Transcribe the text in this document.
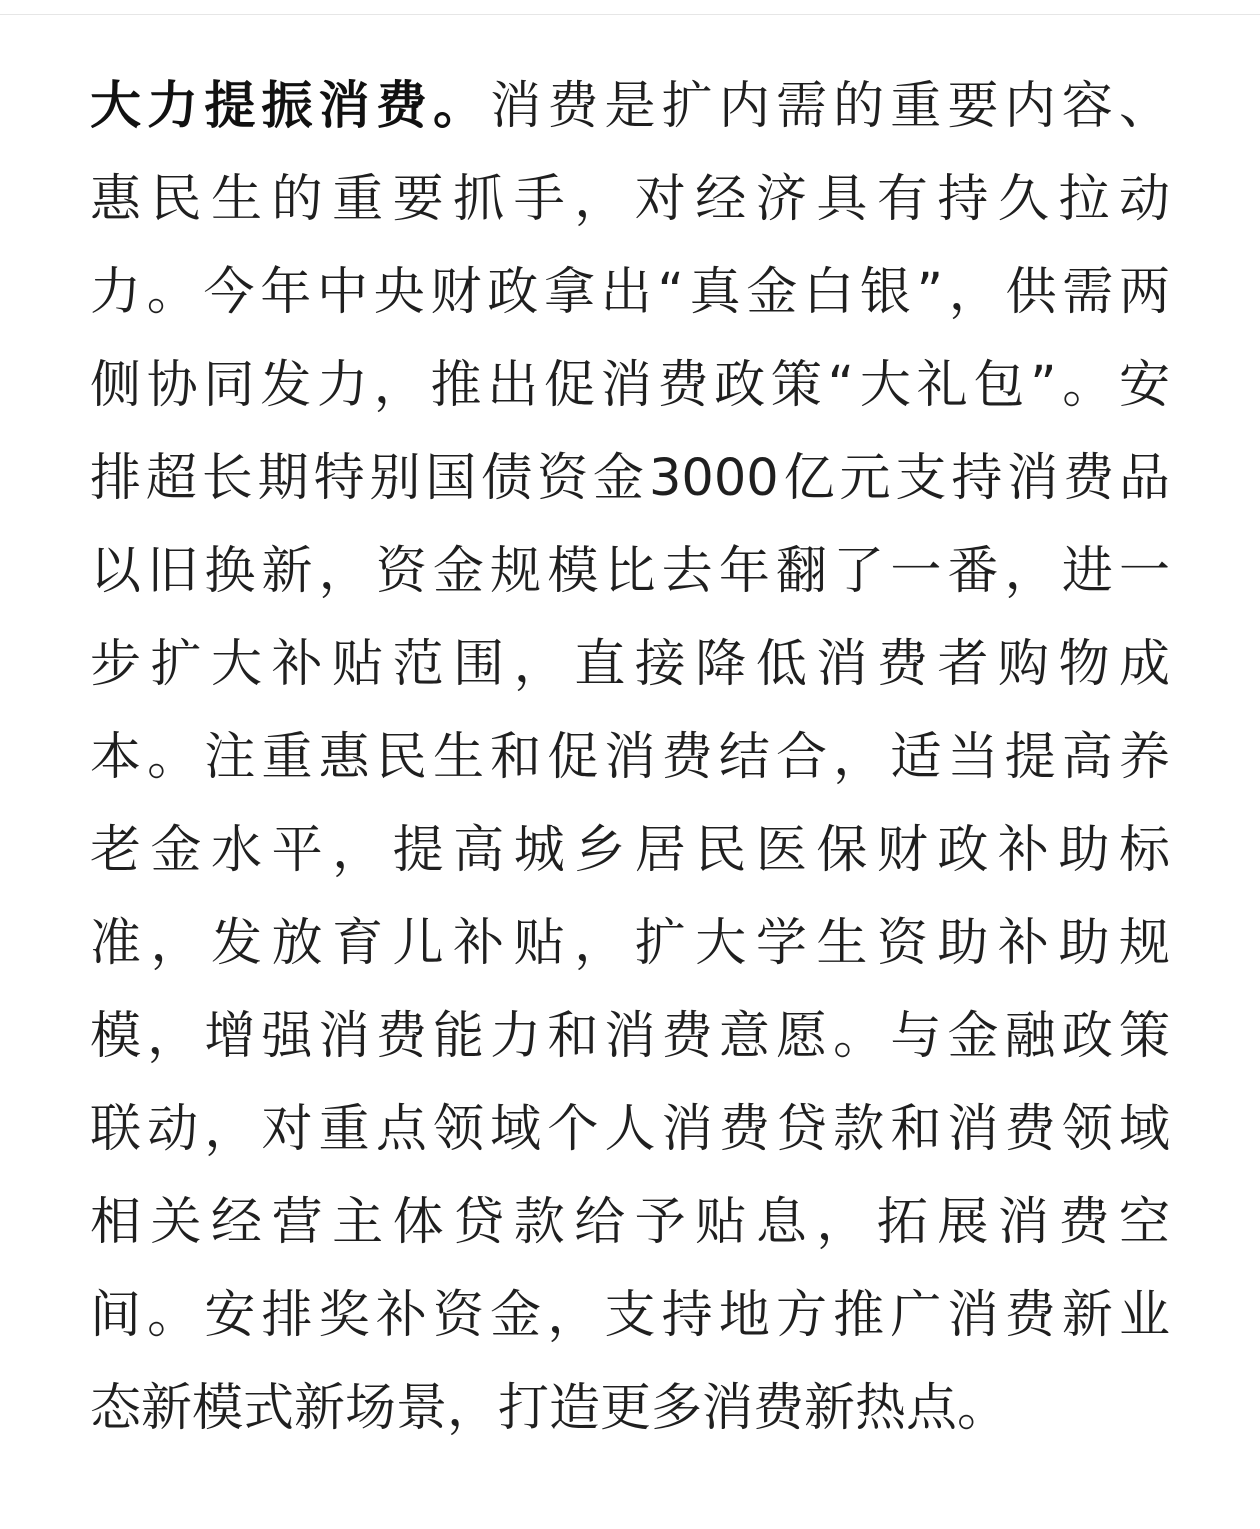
大力提振消费。消费是扩内需的重要内容、
惠民生的重要抓手，对经济具有持久拉动
力。今年中央财政拿出“真金白银”，供需两
侧协同发力，推出促消费政策“大礼包”。安
排超长期特别国债资金3000亿元支持消费品
以旧换新，资金规模比去年翻了一番，进一
步扩大补贴范围，直接降低消费者购物成
本。注重惠民生和促消费结合，适当提高养
老金水平，提高城乡居民医保财政补助标
准，发放育儿补贴，扩大学生资助补助规
模，增强消费能力和消费意愿。与金融政策
联动，对重点领域个人消费贷款和消费领域
相关经营主体贷款给予贴息，拓展消费空
间。安排奖补资金，支持地方推广消费新业
态新模式新场景，打造更多消费新热点。
